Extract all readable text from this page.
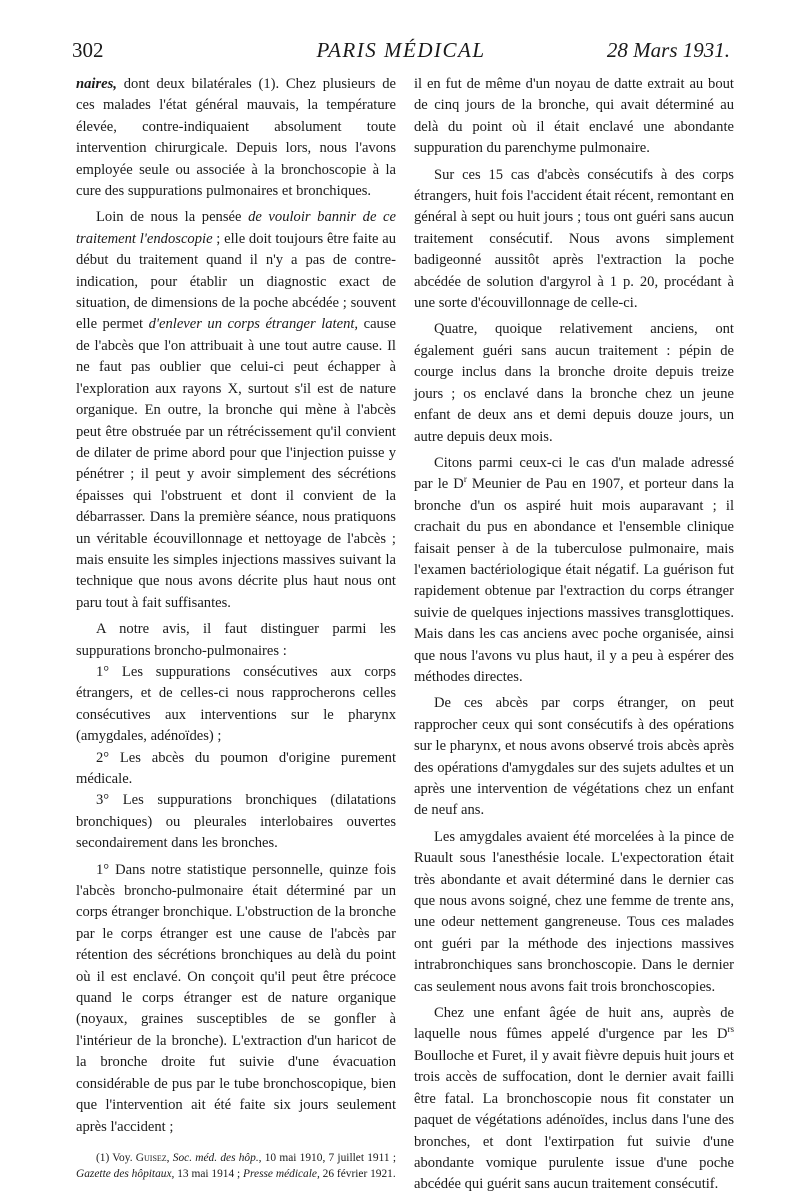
PARIS MÉDICAL
302	28 Mars 1931.

naires, dont deux bilatérales (1). Chez plusieurs de ces malades l'état général mauvais, la température élevée, contre-indiquaient absolument toute intervention chirurgicale. Depuis lors, nous l'avons employée seule ou associée à la bronchoscopie à la cure des suppurations pulmonaires et bronchiques.

Loin de nous la pensée de vouloir bannir de ce traitement l'endoscopie ; elle doit toujours être faite au début du traitement quand il n'y a pas de contre-indication, pour établir un diagnostic exact de situation, de dimensions de la poche abcédée ; souvent elle permet d'enlever un corps étranger latent, cause de l'abcès que l'on attribuait à une tout autre cause. Il ne faut pas oublier que celui-ci peut échapper à l'exploration aux rayons X, surtout s'il est de nature organique. En outre, la bronche qui mène à l'abcès peut être obstruée par un rétrécissement qu'il convient de dilater de prime abord pour que l'injection puisse y pénétrer ; il peut y avoir simplement des sécrétions épaisses qui l'obstruent et dont il convient de la débarrasser. Dans la première séance, nous pratiquons un véritable écouvillonnage et nettoyage de l'abcès ; mais ensuite les simples injections massives suivant la technique que nous avons décrite plus haut nous ont paru tout à fait suffisantes.

A notre avis, il faut distinguer parmi les suppurations broncho-pulmonaires :

1° Les suppurations consécutives aux corps étrangers, et de celles-ci nous rapprocherons celles consécutives aux interventions sur le pharynx (amygdales, adénoïdes) ;

2° Les abcès du poumon d'origine purement médicale.

3° Les suppurations bronchiques (dilatations bronchiques) ou pleurales interlobaires ouvertes secondairement dans les bronches.

1° Dans notre statistique personnelle, quinze fois l'abcès broncho-pulmonaire était déterminé par un corps étranger bronchique. L'obstruction de la bronche par le corps étranger est une cause de l'abcès par rétention des sécrétions bronchiques au delà du point où il est enclavé. On conçoit qu'il peut être précoce quand le corps étranger est de nature organique (noyaux, graines susceptibles de se gonfler à l'intérieur de la bronche). L'extraction d'un haricot de la bronche droite fut suivie d'une évacuation considérable de pus par le tube bronchoscopique, bien que l'intervention ait été faite six jours seulement après l'accident ;

(1) Voy. Guisez, Soc. méd. des hôp., 10 mai 1910, 7 juillet 1911 ; Gazette des hôpitaux, 13 mai 1914 ; Presse médicale, 26 février 1921.

il en fut de même d'un noyau de datte extrait au bout de cinq jours de la bronche, qui avait déterminé au delà du point où il était enclavé une abondante suppuration du parenchyme pulmonaire.

Sur ces 15 cas d'abcès consécutifs à des corps étrangers, huit fois l'accident était récent, remontant en général à sept ou huit jours ; tous ont guéri sans aucun traitement consécutif. Nous avons simplement badigeonné aussitôt après l'extraction la poche abcédée de solution d'argyrol à 1 p. 20, procédant à une sorte d'écouvillonnage de celle-ci.

Quatre, quoique relativement anciens, ont également guéri sans aucun traitement : pépin de courge inclus dans la bronche droite depuis treize jours ; os enclavé dans la bronche chez un jeune enfant de deux ans et demi depuis douze jours, un autre depuis deux mois.

Citons parmi ceux-ci le cas d'un malade adressé par le $D^r$ Meunier de Pau en 1907, et porteur dans la bronche d'un os aspiré huit mois auparavant ; il crachait du pus en abondance et l'ensemble clinique faisait penser à de la tuberculose pulmonaire, mais l'examen bactériologique était négatif. La guérison fut rapidement obtenue par l'extraction du corps étranger suivie de quelques injections massives transglottiques. Mais dans les cas anciens avec poche organisée, ainsi que nous l'avons vu plus haut, il y a peu à espérer des méthodes directes.

De ces abcès par corps étranger, on peut rapprocher ceux qui sont consécutifs à des opérations sur le pharynx, et nous avons observé trois abcès après des opérations d'amygdales sur des sujets adultes et un après une intervention de végétations chez un enfant de neuf ans.

Les amygdales avaient été morcelées à la pince de Ruault sous l'anesthésie locale. L'expectoration était très abondante et avait déterminé dans le dernier cas que nous avons soigné, chez une femme de trente ans, une odeur nettement gangreneuse. Tous ces malades ont guéri par la méthode des injections massives intrabronchiques sans bronchoscopie. Dans le dernier cas seulement nous avons fait trois bronchoscopies.

Chez une enfant âgée de huit ans, auprès de laquelle nous fûmes appelé d'urgence par les $D^{rs}$ Boulloche et Furet, il y avait fièvre depuis huit jours et trois accès de suffocation, dont le dernier avait failli être fatal. La bronchoscopie nous fit constater un paquet de végétations adénoïdes, inclus dans l'une des bronches, et dont l'extirpation fut suivie d'une abondante vomique purulente issue d'une poche abcédée qui guérit sans aucun traitement consécutif.
